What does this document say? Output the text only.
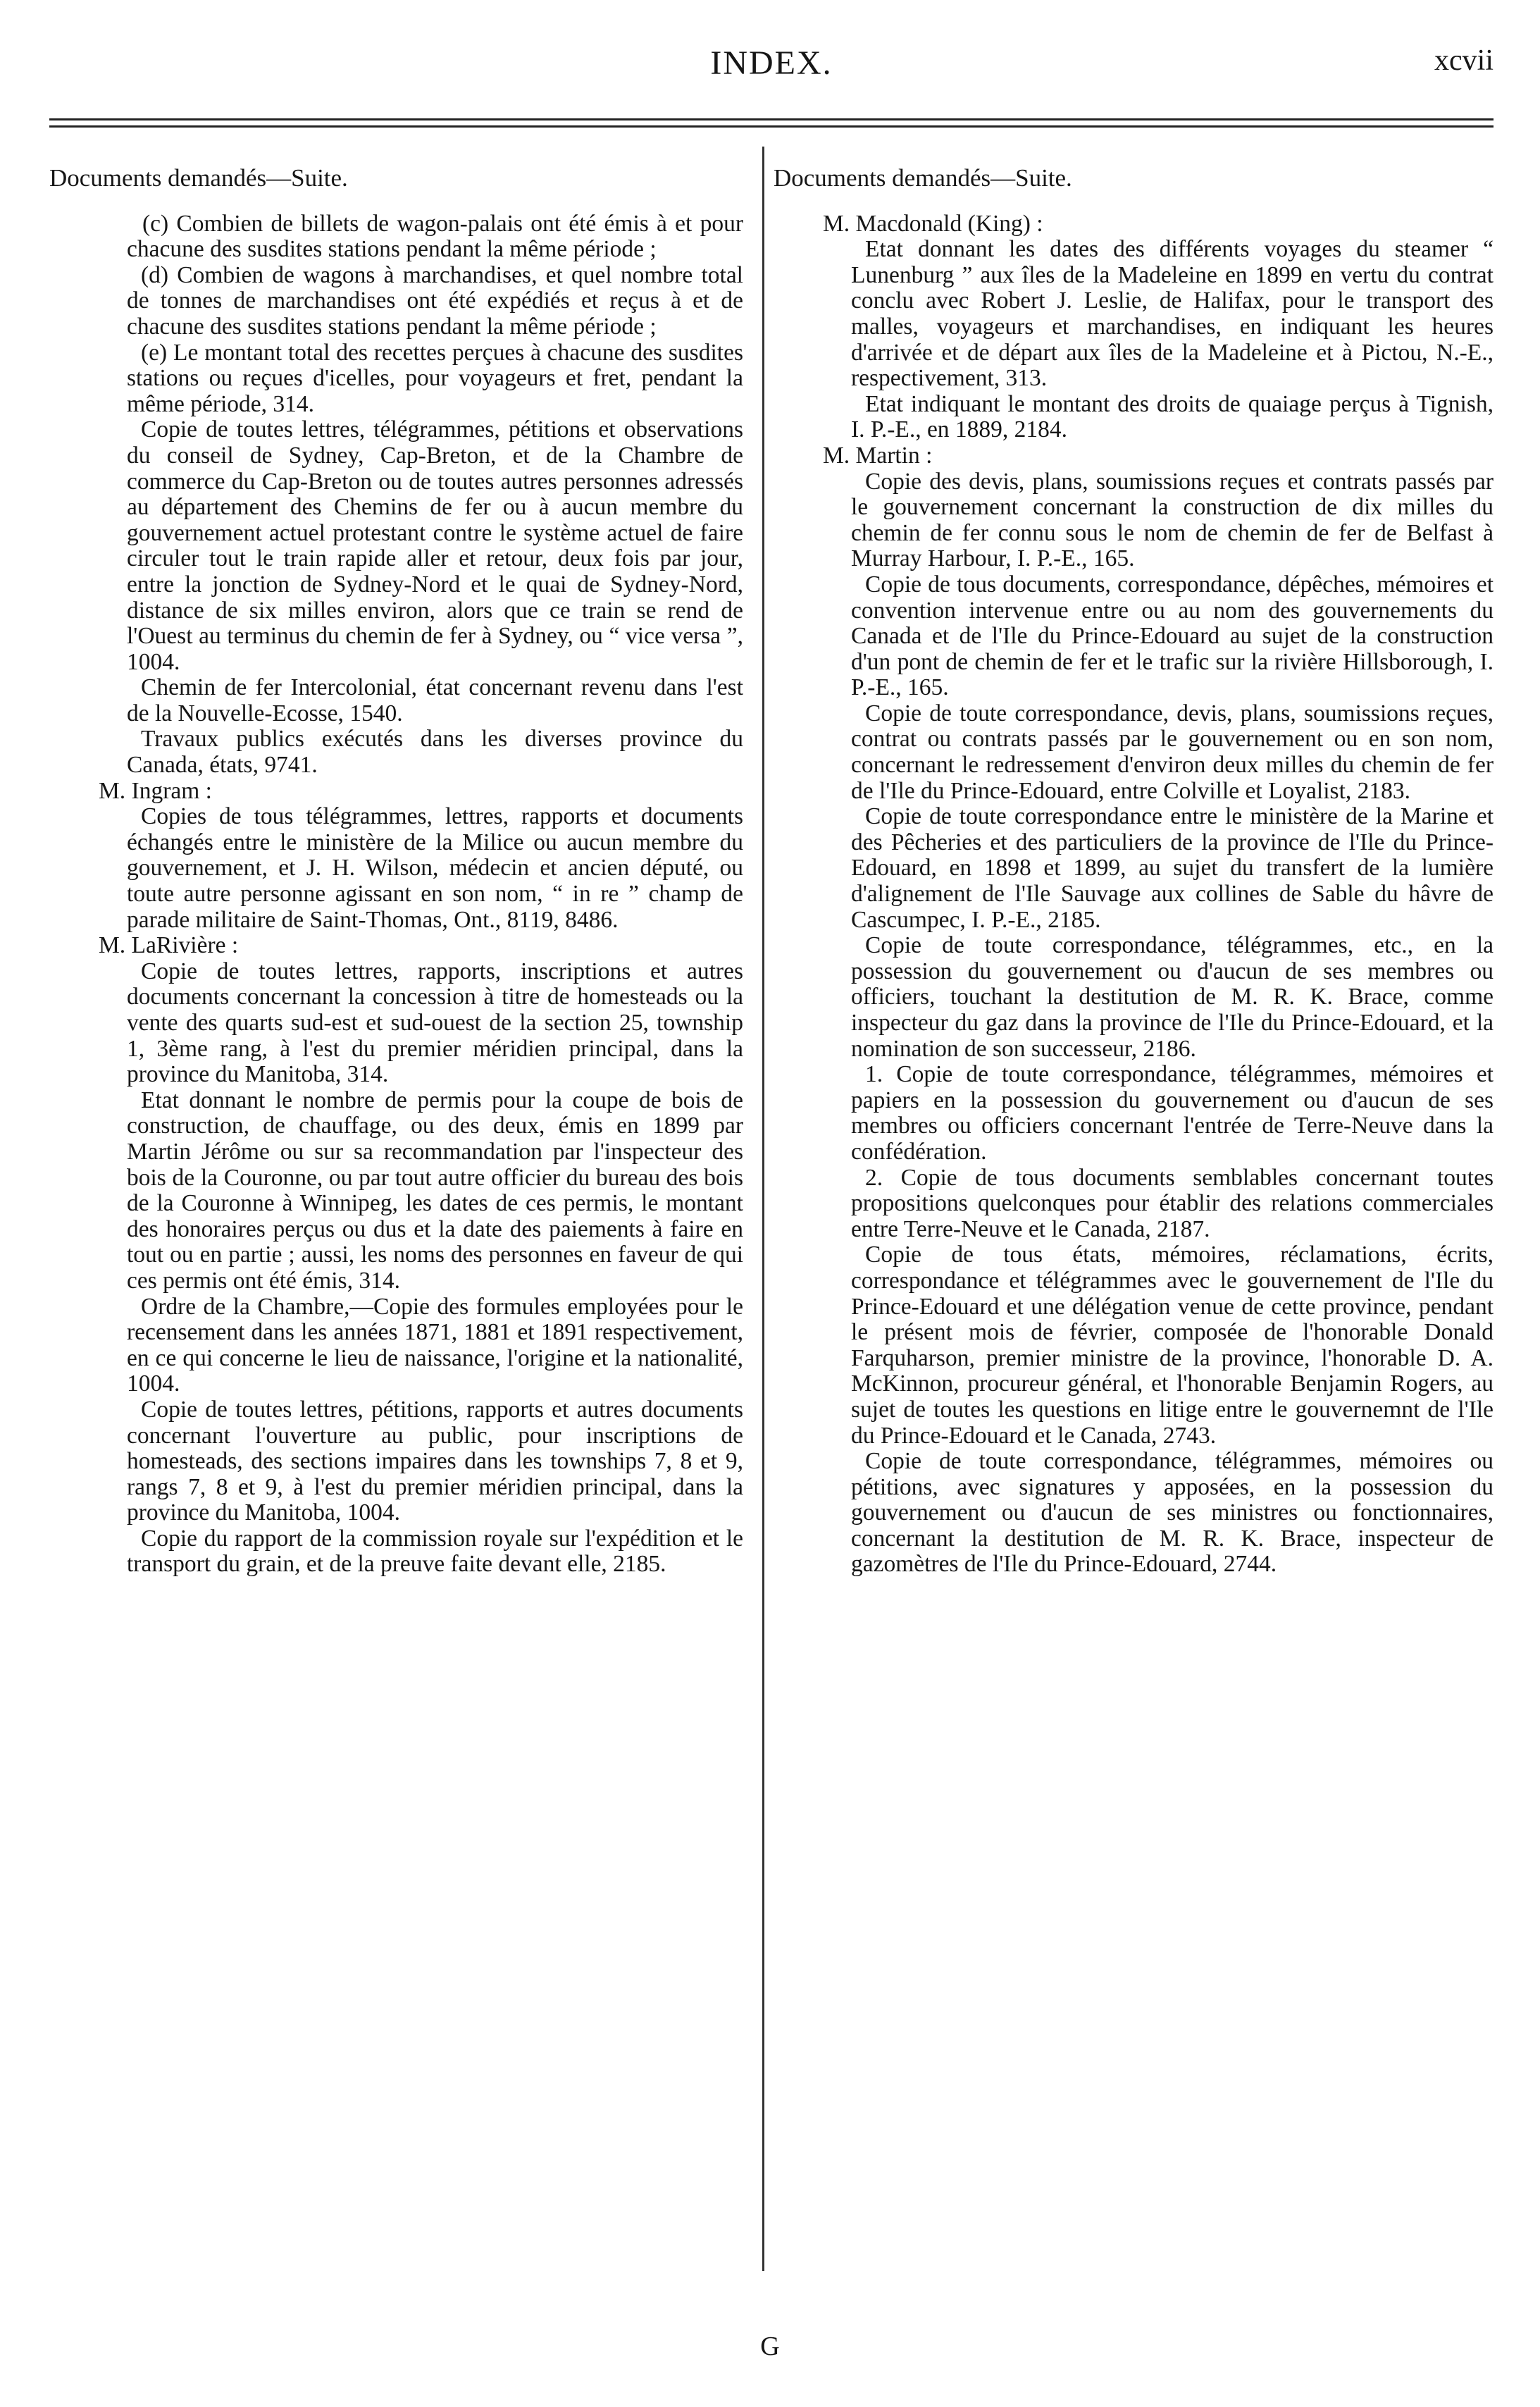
INDEX.	xcvii

Documents demandés—Suite.

(c) Combien de billets de wagon-palais ont été émis à et pour chacune des susdites stations pendant la même période ;

(d) Combien de wagons à marchandises, et quel nombre total de tonnes de marchandises ont été expédiés et reçus à et de chacune des susdites stations pendant la même période ;

(e) Le montant total des recettes perçues à chacune des susdites stations ou reçues d'icelles, pour voyageurs et fret, pendant la même période, 314.

Copie de toutes lettres, télégrammes, pétitions et observations du conseil de Sydney, Cap-Breton, et de la Chambre de commerce du Cap-Breton ou de toutes autres personnes adressés au département des Chemins de fer ou à aucun membre du gouvernement actuel protestant contre le système actuel de faire circuler tout le train rapide aller et retour, deux fois par jour, entre la jonction de Sydney-Nord et le quai de Sydney-Nord, distance de six milles environ, alors que ce train se rend de l'Ouest au terminus du chemin de fer à Sydney, ou “ vice versa ”, 1004.

Chemin de fer Intercolonial, état concernant revenu dans l'est de la Nouvelle-Ecosse, 1540.

Travaux publics exécutés dans les diverses province du Canada, états, 9741.

M. Ingram :

Copies de tous télégrammes, lettres, rapports et documents échangés entre le ministère de la Milice ou aucun membre du gouvernement, et J. H. Wilson, médecin et ancien député, ou toute autre personne agissant en son nom, “ in re ” champ de parade militaire de Saint-Thomas, Ont., 8119, 8486.

M. LaRivière :

Copie de toutes lettres, rapports, inscriptions et autres documents concernant la concession à titre de homesteads ou la vente des quarts sud-est et sud-ouest de la section 25, township 1, 3ème rang, à l'est du premier méridien principal, dans la province du Manitoba, 314.

Etat donnant le nombre de permis pour la coupe de bois de construction, de chauffage, ou des deux, émis en 1899 par Martin Jérôme ou sur sa recommandation par l'inspecteur des bois de la Couronne, ou par tout autre officier du bureau des bois de la Couronne à Winnipeg, les dates de ces permis, le montant des honoraires perçus ou dus et la date des paiements à faire en tout ou en partie ; aussi, les noms des personnes en faveur de qui ces permis ont été émis, 314.

Ordre de la Chambre,—Copie des formules employées pour le recensement dans les années 1871, 1881 et 1891 respectivement, en ce qui concerne le lieu de naissance, l'origine et la nationalité, 1004.

Copie de toutes lettres, pétitions, rapports et autres documents concernant l'ouverture au public, pour inscriptions de homesteads, des sections impaires dans les townships 7, 8 et 9, rangs 7, 8 et 9, à l'est du premier méridien principal, dans la province du Manitoba, 1004.

Copie du rapport de la commission royale sur l'expédition et le transport du grain, et de la preuve faite devant elle, 2185.

Documents demandés—Suite.

M. Macdonald (King) :

Etat donnant les dates des différents voyages du steamer “ Lunenburg ” aux îles de la Madeleine en 1899 en vertu du contrat conclu avec Robert J. Leslie, de Halifax, pour le transport des malles, voyageurs et marchandises, en indiquant les heures d'arrivée et de départ aux îles de la Madeleine et à Pictou, N.-E., respectivement, 313.

Etat indiquant le montant des droits de quaiage perçus à Tignish, I. P.-E., en 1889, 2184.

M. Martin :

Copie des devis, plans, soumissions reçues et contrats passés par le gouvernement concernant la construction de dix milles du chemin de fer connu sous le nom de chemin de fer de Belfast à Murray Harbour, I. P.-E., 165.

Copie de tous documents, correspondance, dépêches, mémoires et convention intervenue entre ou au nom des gouvernements du Canada et de l'Ile du Prince-Edouard au sujet de la construction d'un pont de chemin de fer et le trafic sur la rivière Hillsborough, I. P.-E., 165.

Copie de toute correspondance, devis, plans, soumissions reçues, contrat ou contrats passés par le gouvernement ou en son nom, concernant le redressement d'environ deux milles du chemin de fer de l'Ile du Prince-Edouard, entre Colville et Loyalist, 2183.

Copie de toute correspondance entre le ministère de la Marine et des Pêcheries et des particuliers de la province de l'Ile du Prince-Edouard, en 1898 et 1899, au sujet du transfert de la lumière d'alignement de l'Ile Sauvage aux collines de Sable du hâvre de Cascumpec, I. P.-E., 2185.

Copie de toute correspondance, télégrammes, etc., en la possession du gouvernement ou d'aucun de ses membres ou officiers, touchant la destitution de M. R. K. Brace, comme inspecteur du gaz dans la province de l'Ile du Prince-Edouard, et la nomination de son successeur, 2186.

1. Copie de toute correspondance, télégrammes, mémoires et papiers en la possession du gouvernement ou d'aucun de ses membres ou officiers concernant l'entrée de Terre-Neuve dans la confédération.

2. Copie de tous documents semblables concernant toutes propositions quelconques pour établir des relations commerciales entre Terre-Neuve et le Canada, 2187.

Copie de tous états, mémoires, réclamations, écrits, correspondance et télégrammes avec le gouvernement de l'Ile du Prince-Edouard et une délégation venue de cette province, pendant le présent mois de février, composée de l'honorable Donald Farquharson, premier ministre de la province, l'honorable D. A. McKinnon, procureur général, et l'honorable Benjamin Rogers, au sujet de toutes les questions en litige entre le gouvernemnt de l'Ile du Prince-Edouard et le Canada, 2743.

Copie de toute correspondance, télégrammes, mémoires ou pétitions, avec signatures y apposées, en la possession du gouvernement ou d'aucun de ses ministres ou fonctionnaires, concernant la destitution de M. R. K. Brace, inspecteur de gazomètres de l'Ile du Prince-Edouard, 2744.

G
